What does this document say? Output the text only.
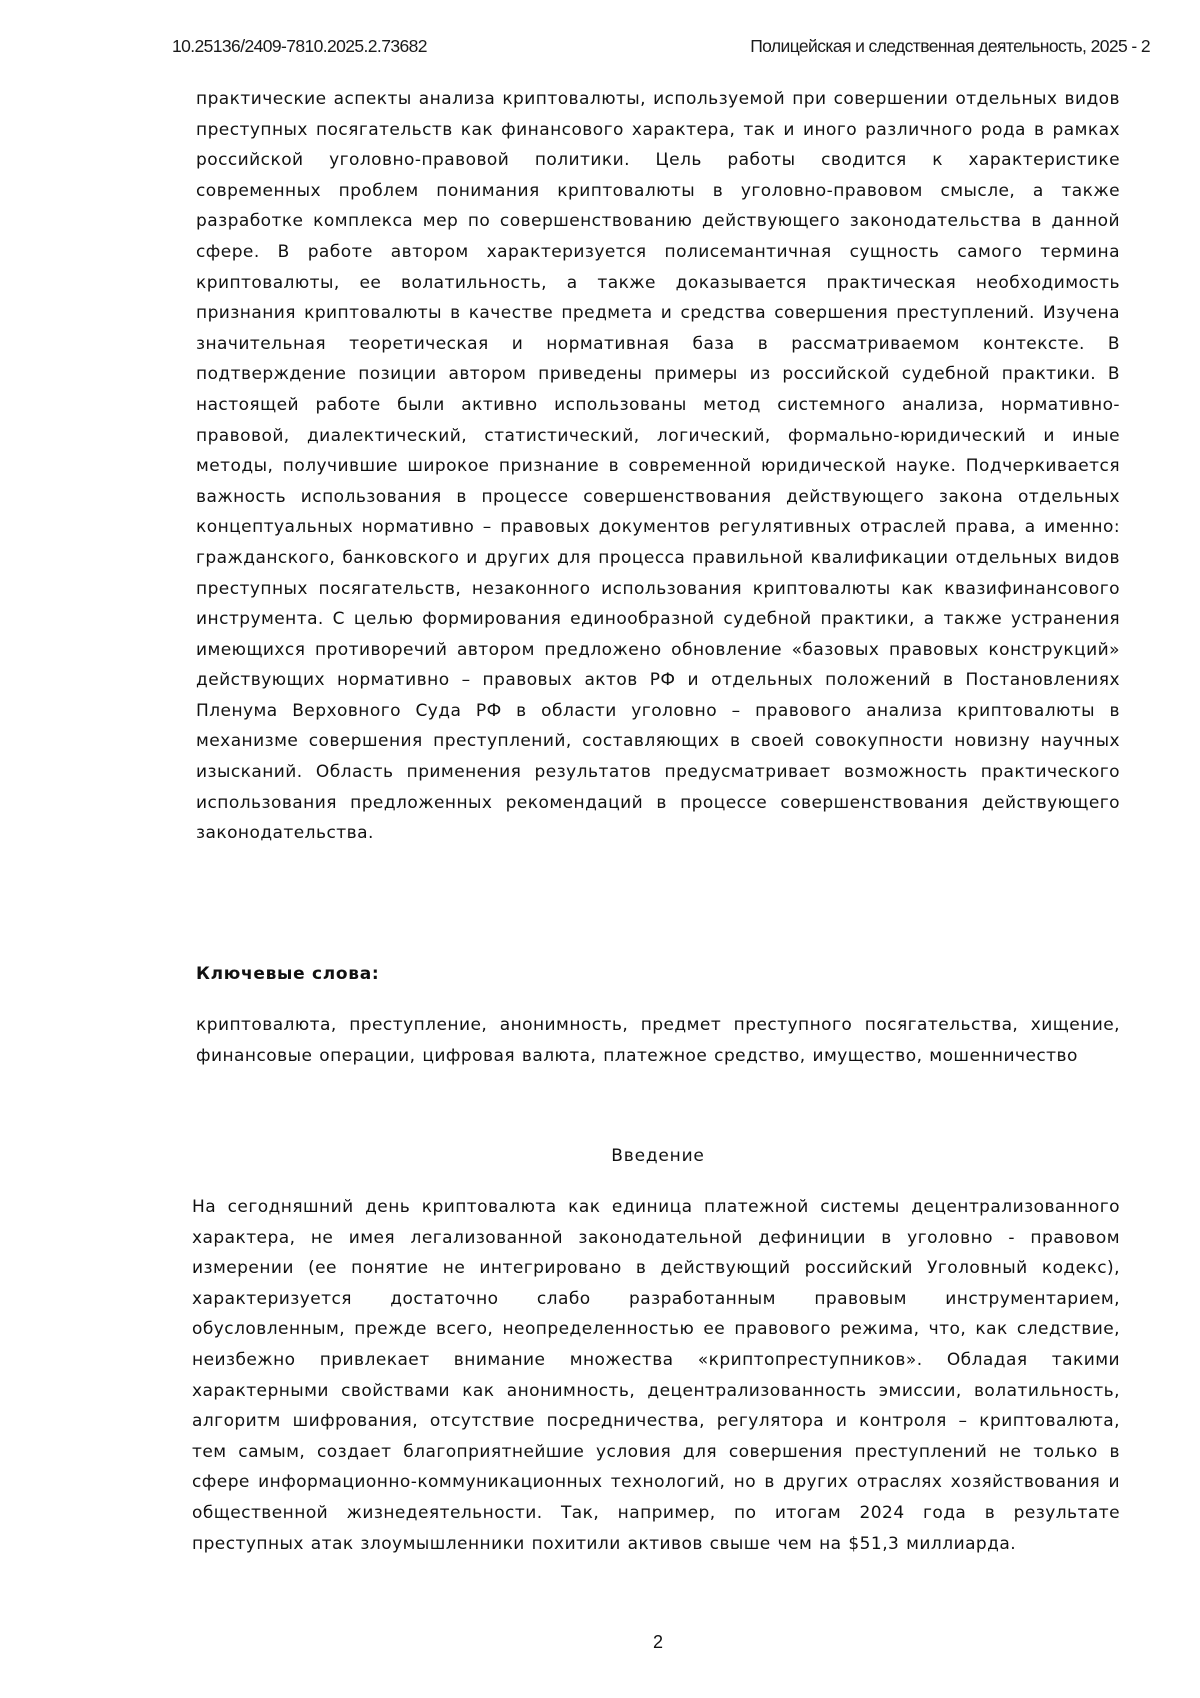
10.25136/2409-7810.2025.2.73682	Полицейская и следственная деятельность, 2025 - 2
практические аспекты анализа криптовалюты, используемой при совершении отдельных видов преступных посягательств как финансового характера, так и иного различного рода в рамках российской уголовно-правовой политики. Цель работы сводится к характеристике современных проблем понимания криптовалюты в уголовно-правовом смысле, а также разработке комплекса мер по совершенствованию действующего законодательства в данной сфере. В работе автором характеризуется полисемантичная сущность самого термина криптовалюты, ее волатильность, а также доказывается практическая необходимость признания криптовалюты в качестве предмета и средства совершения преступлений. Изучена значительная теоретическая и нормативная база в рассматриваемом контексте. В подтверждение позиции автором приведены примеры из российской судебной практики. В настоящей работе были активно использованы метод системного анализа, нормативно-правовой, диалектический, статистический, логический, формально-юридический и иные методы, получившие широкое признание в современной юридической науке. Подчеркивается важность использования в процессе совершенствования действующего закона отдельных концептуальных нормативно – правовых документов регулятивных отраслей права, а именно: гражданского, банковского и других для процесса правильной квалификации отдельных видов преступных посягательств, незаконного использования криптовалюты как квазифинансового инструмента. С целью формирования единообразной судебной практики, а также устранения имеющихся противоречий автором предложено обновление «базовых правовых конструкций» действующих нормативно – правовых актов РФ и отдельных положений в Постановлениях Пленума Верховного Суда РФ в области уголовно – правового анализа криптовалюты в механизме совершения преступлений, составляющих в своей совокупности новизну научных изысканий. Область применения результатов предусматривает возможность практического использования предложенных рекомендаций в процессе совершенствования действующего законодательства.
Ключевые слова:
криптовалюта, преступление, анонимность, предмет преступного посягательства, хищение, финансовые операции, цифровая валюта, платежное средство, имущество, мошенничество
Введение
На сегодняшний день криптовалюта как единица платежной системы децентрализованного характера, не имея легализованной законодательной дефиниции в уголовно - правовом измерении (ее понятие не интегрировано в действующий российский Уголовный кодекс), характеризуется достаточно слабо разработанным правовым инструментарием, обусловленным, прежде всего, неопределенностью ее правового режима, что, как следствие, неизбежно привлекает внимание множества «криптопреступников». Обладая такими характерными свойствами как анонимность, децентрализованность эмиссии, волатильность, алгоритм шифрования, отсутствие посредничества, регулятора и контроля – криптовалюта, тем самым, создает благоприятнейшие условия для совершения преступлений не только в сфере информационно-коммуникационных технологий, но в других отраслях хозяйствования и общественной жизнедеятельности. Так, например, по итогам 2024 года в результате преступных атак злоумышленники похитили активов свыше чем на $51,3 миллиарда.
2
